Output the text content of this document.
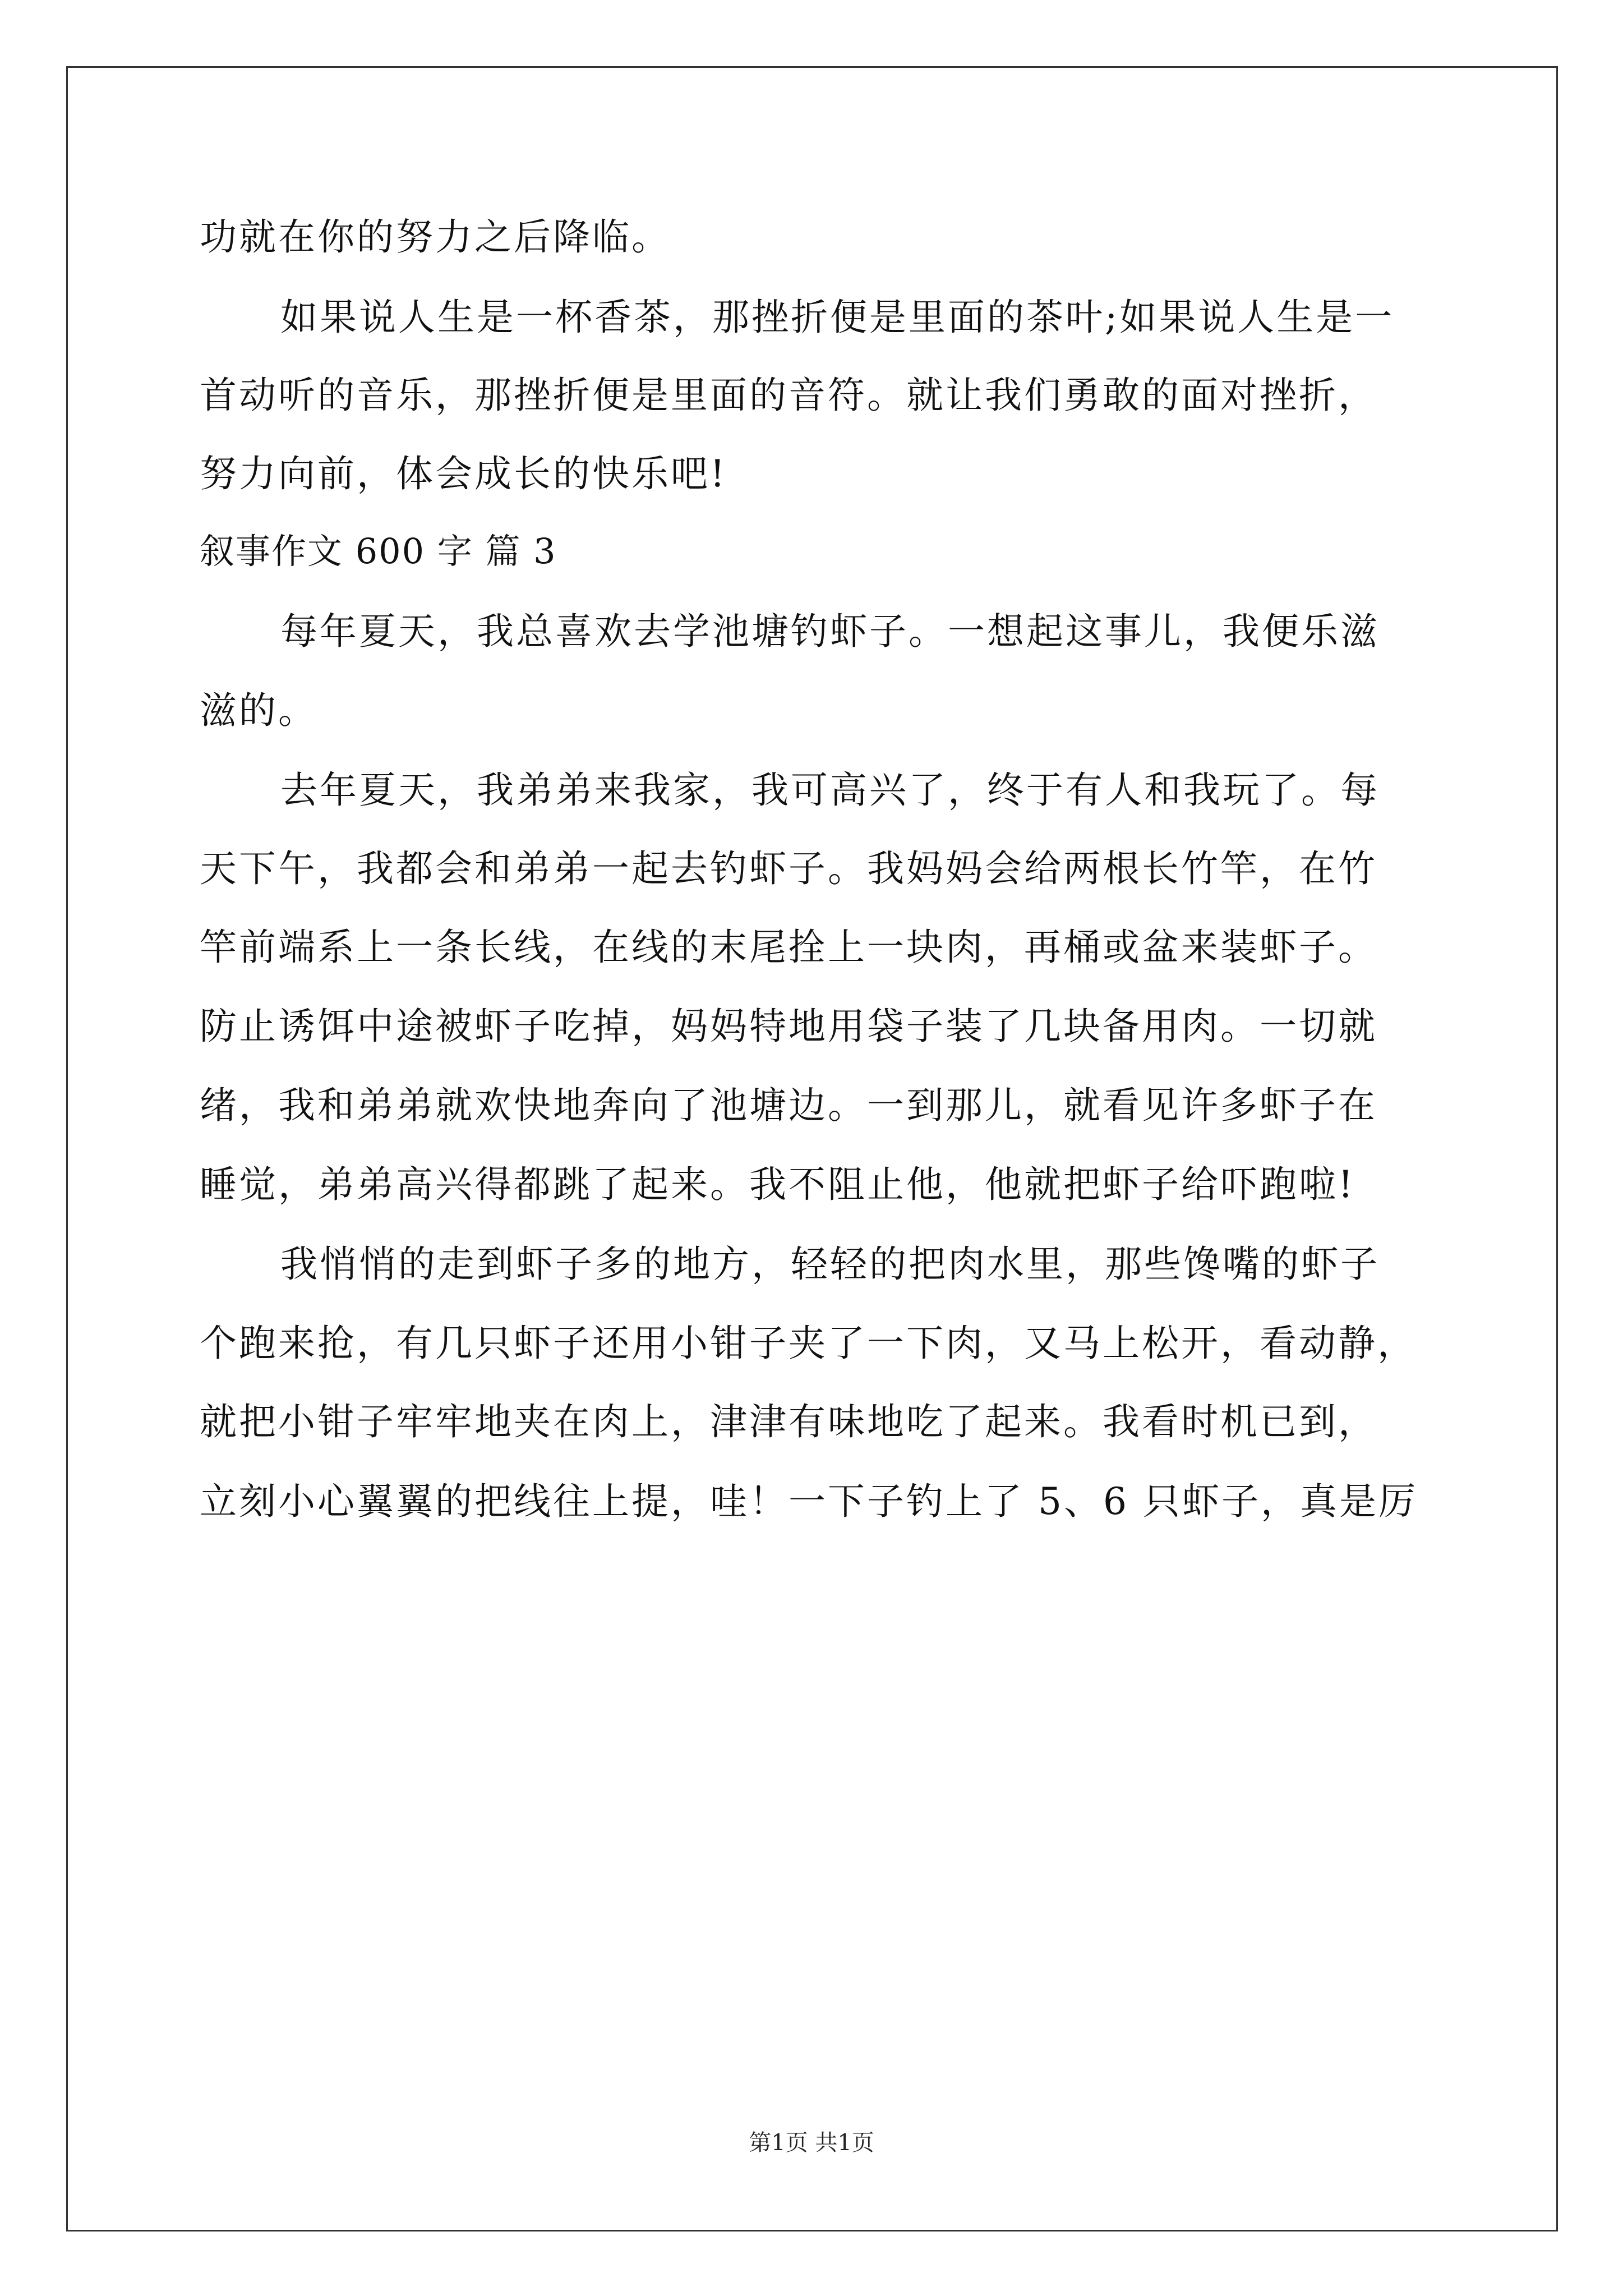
功就在你的努力之后降临。
如果说人生是一杯香茶，那挫折便是里面的茶叶;如果说人生是一
首动听的音乐，那挫折便是里面的音符。就让我们勇敢的面对挫折，
努力向前，体会成长的快乐吧!
叙事作文 600 字 篇 3
每年夏天，我总喜欢去学池塘钓虾子。一想起这事儿，我便乐滋
滋的。
去年夏天，我弟弟来我家，我可高兴了，终于有人和我玩了。每
天下午，我都会和弟弟一起去钓虾子。我妈妈会给两根长竹竿，在竹
竿前端系上一条长线，在线的末尾拴上一块肉，再桶或盆来装虾子。
防止诱饵中途被虾子吃掉，妈妈特地用袋子装了几块备用肉。一切就
绪，我和弟弟就欢快地奔向了池塘边。一到那儿，就看见许多虾子在
睡觉，弟弟高兴得都跳了起来。我不阻止他，他就把虾子给吓跑啦!
我悄悄的走到虾子多的地方，轻轻的把肉水里，那些馋嘴的虾子
个跑来抢，有几只虾子还用小钳子夹了一下肉，又马上松开，看动静，
就把小钳子牢牢地夹在肉上，津津有味地吃了起来。我看时机已到，
立刻小心翼翼的把线往上提，哇！一下子钓上了 5、6 只虾子，真是厉
第1页 共1页
